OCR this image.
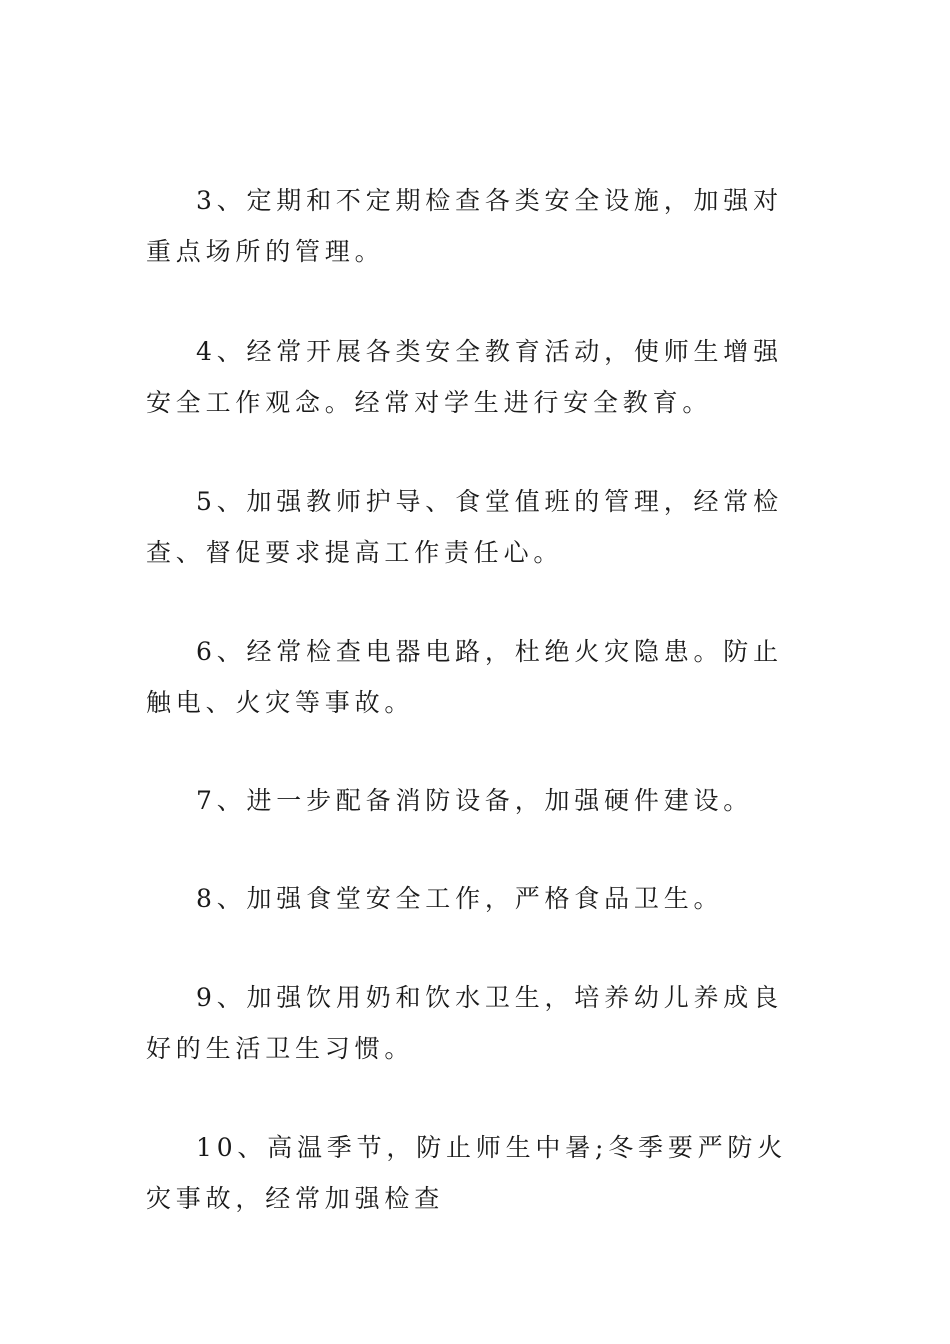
3、定期和不定期检查各类安全设施，加强对重点场所的管理。

4、经常开展各类安全教育活动，使师生增强安全工作观念。经常对学生进行安全教育。

5、加强教师护导、食堂值班的管理，经常检查、督促要求提高工作责任心。

6、经常检查电器电路，杜绝火灾隐患。防止触电、火灾等事故。

7、进一步配备消防设备，加强硬件建设。

8、加强食堂安全工作，严格食品卫生。

9、加强饮用奶和饮水卫生，培养幼儿养成良好的生活卫生习惯。

10、高温季节，防止师生中暑;冬季要严防火灾事故，经常加强检查
